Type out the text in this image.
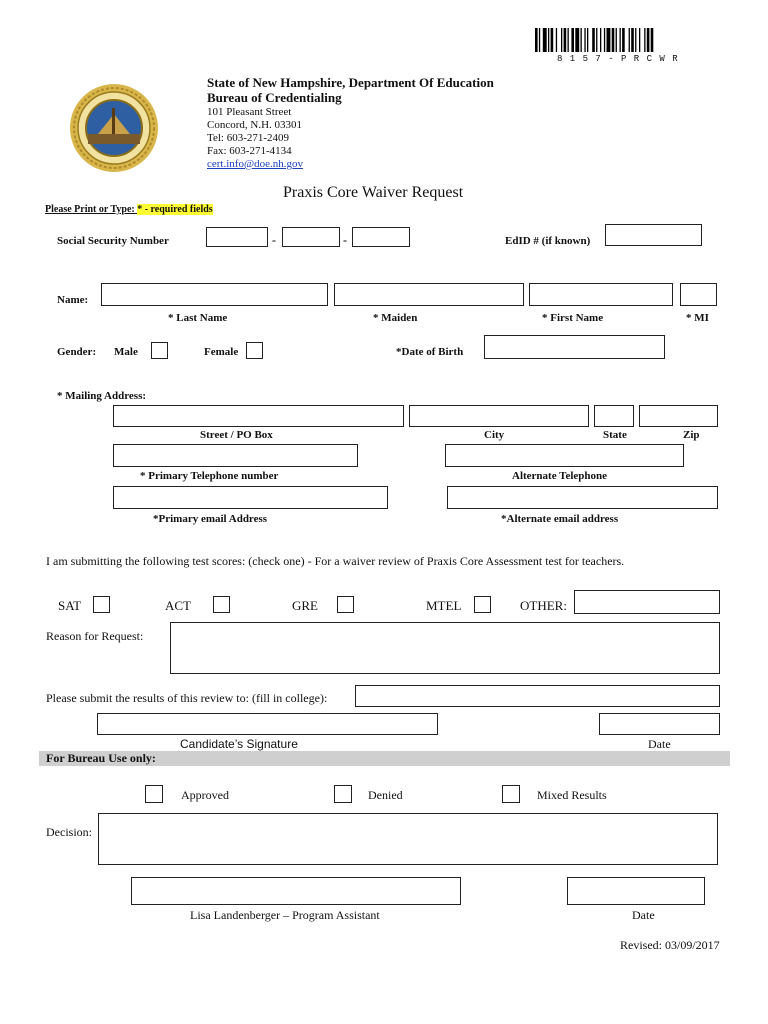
8 1 5 7 - P R C W R
State of New Hampshire, Department Of Education
Bureau of Credentialing
101 Pleasant Street
Concord, N.H. 03301
Tel: 603-271-2409
Fax: 603-271-4134
cert.info@doe.nh.gov
Praxis Core Waiver Request
Please Print or Type: * - required fields
Social Security Number	-	-	EdID # (if known)
Name:
* Last Name	* Maiden	* First Name	* MI
Gender: Male	Female	*Date of Birth
* Mailing Address:
Street / PO Box	City	State	Zip
* Primary Telephone number	Alternate Telephone
*Primary email Address	*Alternate email address
I am submitting the following test scores: (check one) - For a waiver review of Praxis Core Assessment test for teachers.
SAT	ACT	GRE	MTEL	OTHER:
Reason for Request:
Please submit the results of this review to: (fill in college):
Candidate’s Signature	Date
For Bureau Use only:
Approved	Denied	Mixed Results
Decision:
Lisa Landenberger – Program Assistant	Date
Revised: 03/09/2017
